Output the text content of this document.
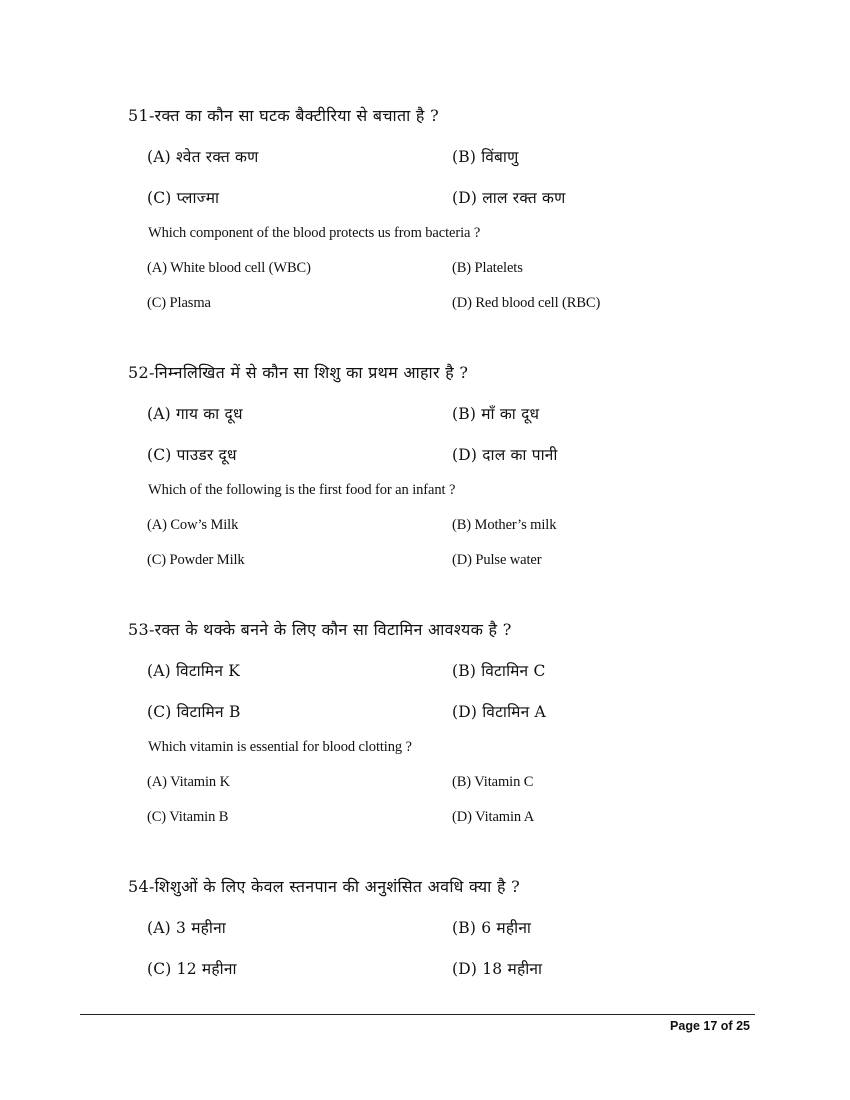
51-रक्त का कौन सा घटक बैक्टीरिया से बचाता है ?
(A) श्वेत रक्त कण	(B) विंबाणु
(C) प्लाज्मा	(D) लाल रक्त कण
Which component of the blood protects us from bacteria ?
(A) White blood cell (WBC)	(B) Platelets
(C) Plasma	(D) Red blood cell (RBC)
52-निम्नलिखित में से कौन सा शिशु का प्रथम आहार है ?
(A) गाय का दूध	(B) माँ का दूध
(C) पाउडर दूध	(D) दाल का पानी
Which of the following is the first food for an infant ?
(A) Cow’s Milk	(B) Mother’s milk
(C) Powder Milk	(D) Pulse water
53-रक्त के थक्के बनने के लिए कौन सा विटामिन आवश्यक है ?
(A) विटामिन K	(B) विटामिन C
(C) विटामिन B	(D) विटामिन A
Which vitamin is essential for blood clotting ?
(A) Vitamin K	(B) Vitamin C
(C) Vitamin B	(D) Vitamin A
54-शिशुओं के लिए केवल स्तनपान की अनुशंसित अवधि क्या है ?
(A) 3 महीना	(B) 6 महीना
(C) 12 महीना	(D) 18 महीना
Page 17 of 25
